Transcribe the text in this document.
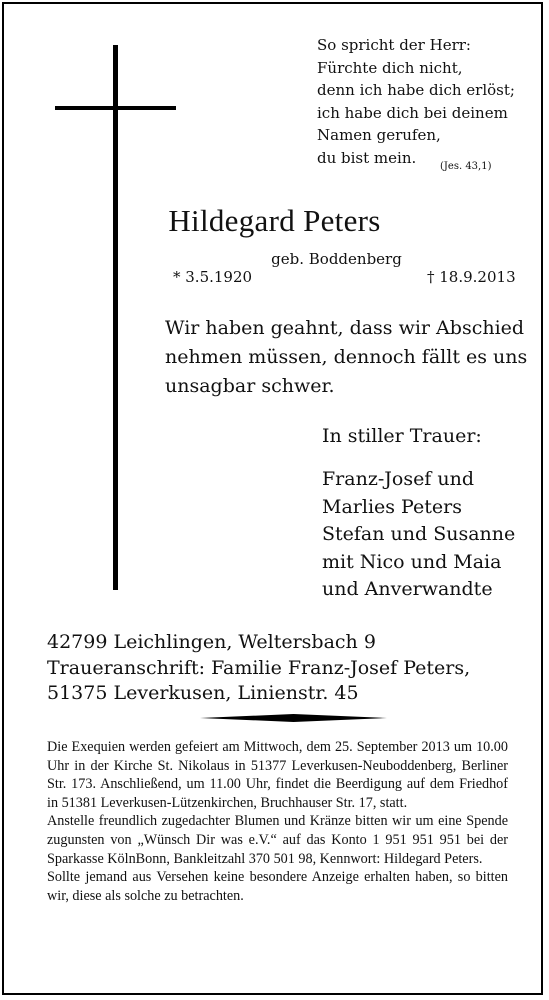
So spricht der Herr:
Fürchte dich nicht,
denn ich habe dich erlöst;
ich habe dich bei deinem
Namen gerufen,
du bist mein.	(Jes. 43,1)
Hildegard Peters
geb. Boddenberg
* 3.5.1920	† 18.9.2013
Wir haben geahnt, dass wir Abschied
nehmen müssen, dennoch fällt es uns
unsagbar schwer.
In stiller Trauer:
Franz-Josef und
Marlies Peters
Stefan und Susanne
mit Nico und Maia
und Anverwandte
42799 Leichlingen, Weltersbach 9
Traueranschrift: Familie Franz-Josef Peters,
51375 Leverkusen, Linienstr. 45

Die Exequien werden gefeiert am Mittwoch, dem 25. September 2013 um 10.00 Uhr in der Kirche St. Nikolaus in 51377 Leverkusen-Neuboddenberg, Berliner Str. 173. Anschließend, um 11.00 Uhr, findet die Beerdigung auf dem Friedhof in 51381 Leverkusen-Lützenkirchen, Bruchhauser Str. 17, statt.

Anstelle freundlich zugedachter Blumen und Kränze bitten wir um eine Spende zugunsten von „Wünsch Dir was e.V.“ auf das Konto 1 951 951 951 bei der Sparkasse KölnBonn, Bankleitzahl 370 501 98, Kennwort: Hildegard Peters.

Sollte jemand aus Versehen keine besondere Anzeige erhalten haben, so bitten wir, diese als solche zu betrachten.
